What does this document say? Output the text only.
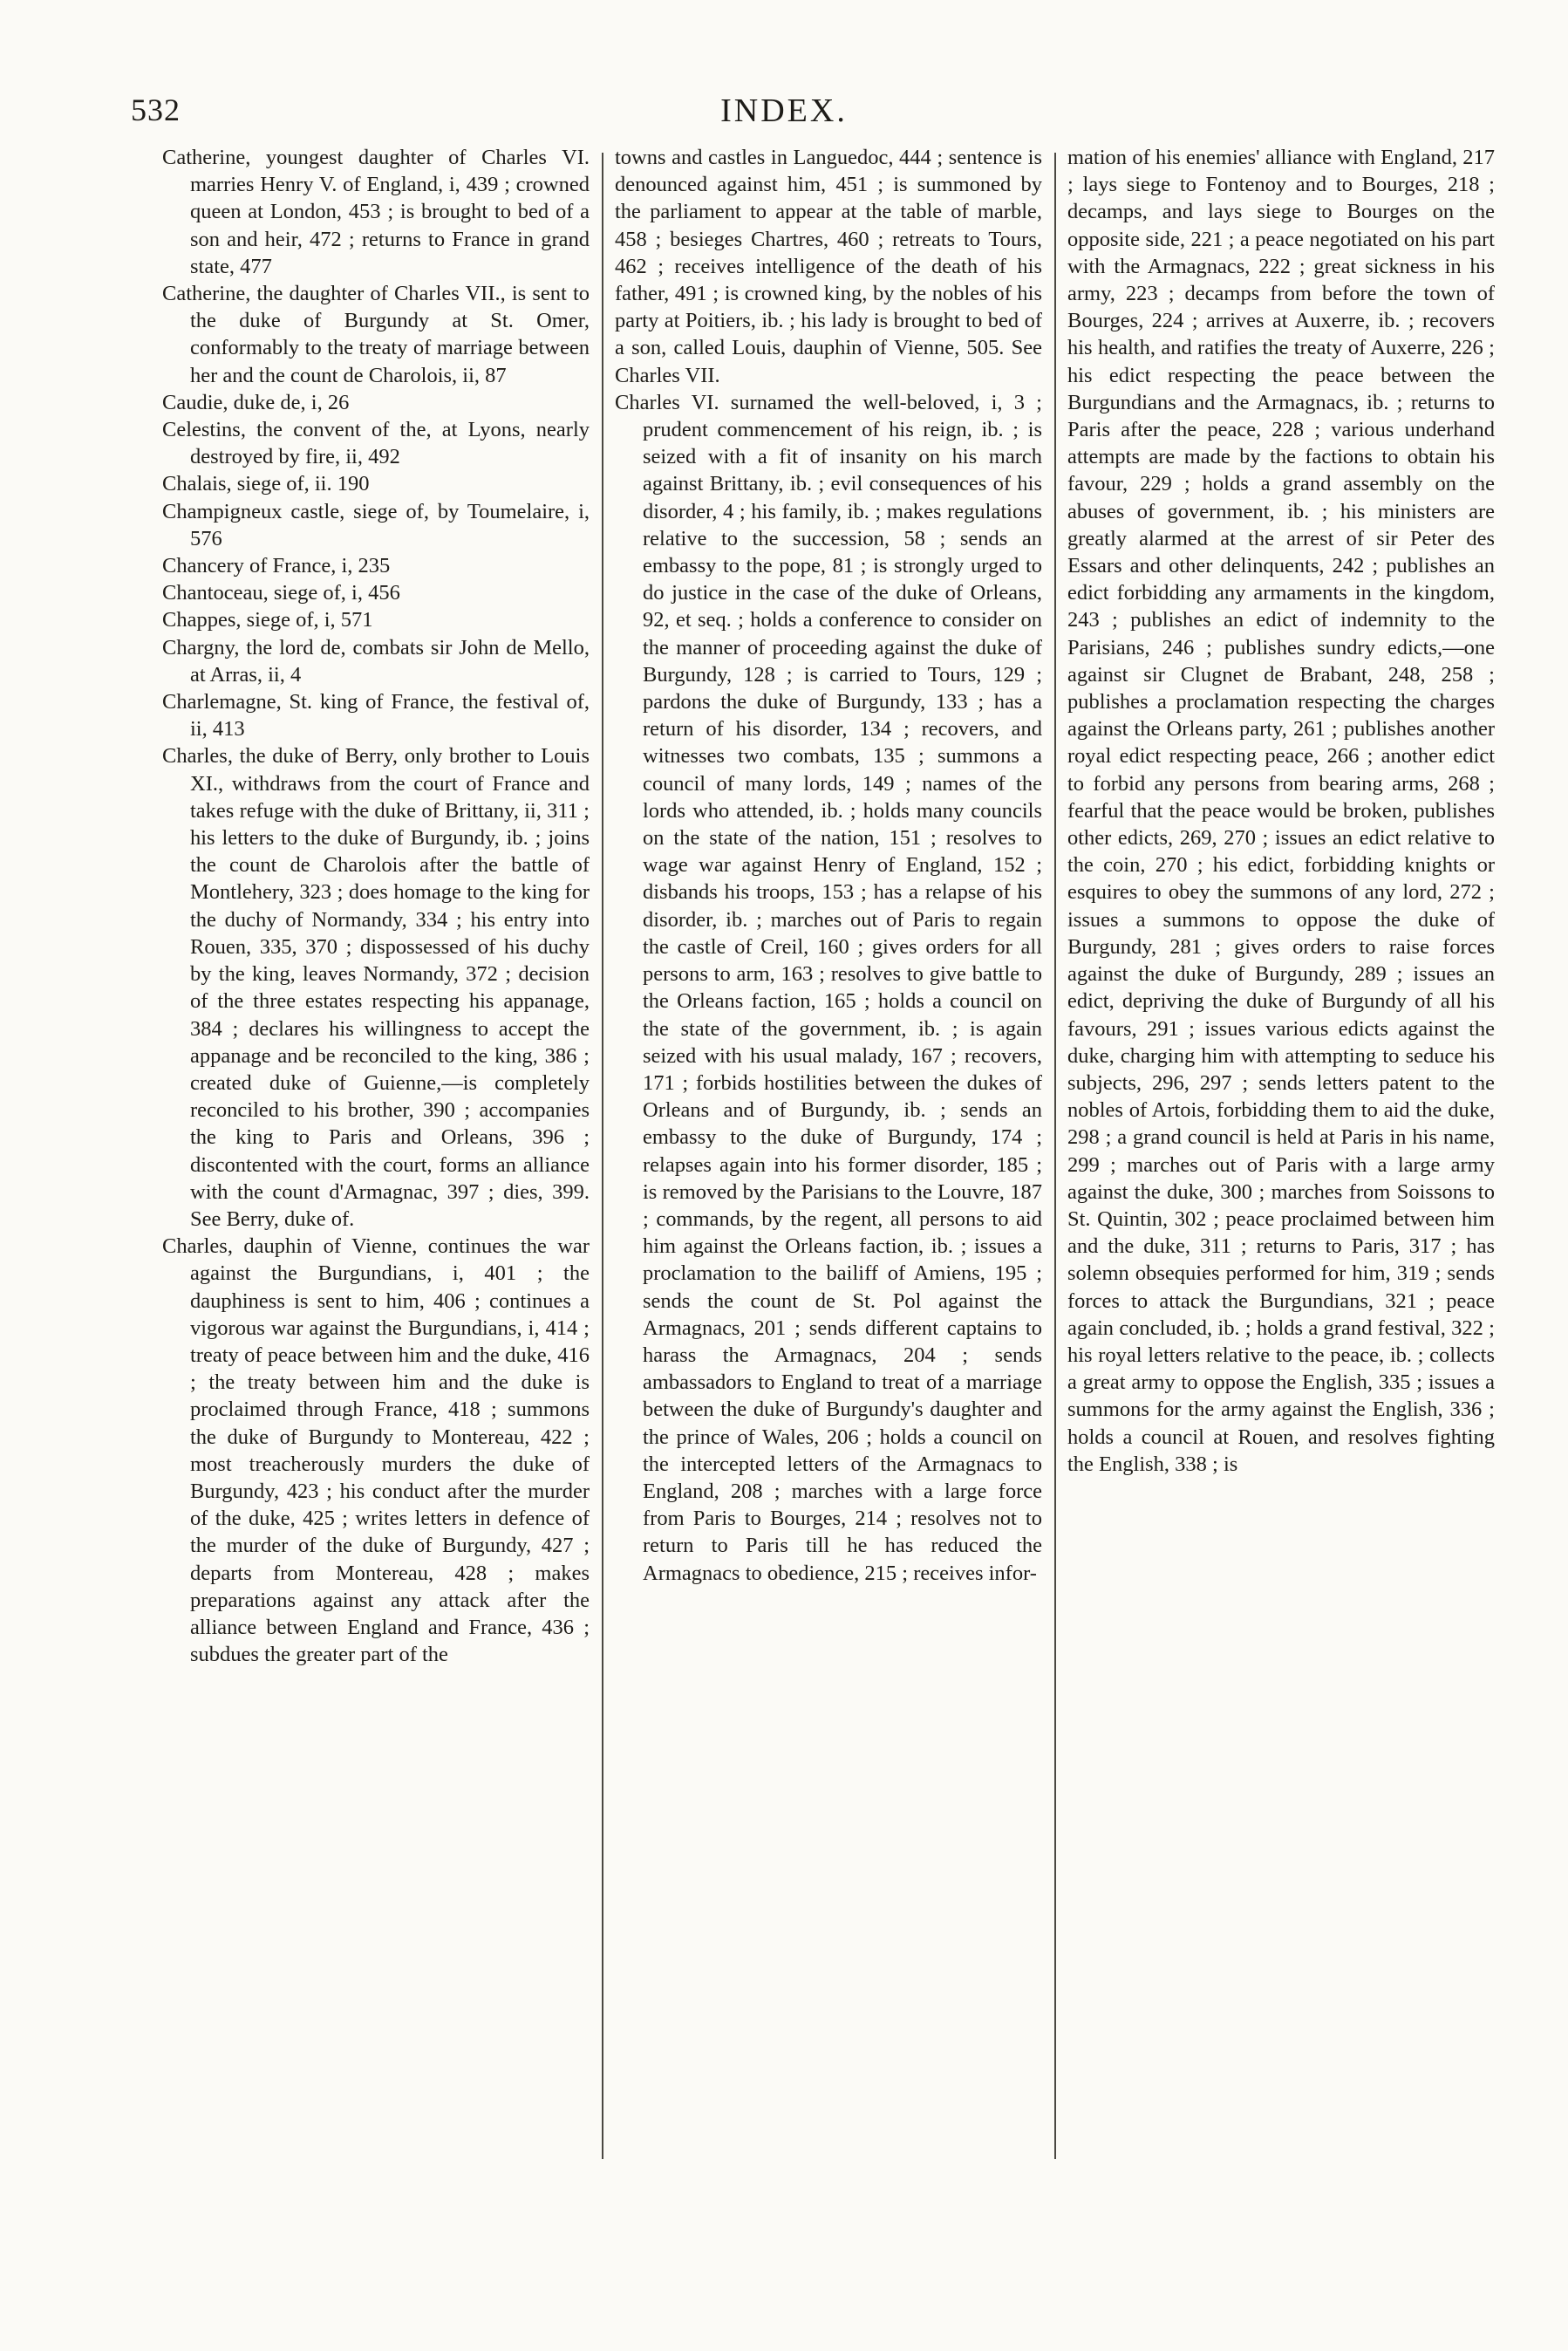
532	INDEX.

Catherine, youngest daughter of Charles VI. marries Henry V. of England, i, 439 ; crowned queen at London, 453 ; is brought to bed of a son and heir, 472 ; returns to France in grand state, 477

Catherine, the daughter of Charles VII., is sent to the duke of Burgundy at St. Omer, conformably to the treaty of marriage between her and the count de Charolois, ii, 87

Caudie, duke de, i, 26

Celestins, the convent of the, at Lyons, nearly destroyed by fire, ii, 492

Chalais, siege of, ii. 190

Champigneux castle, siege of, by Toumelaire, i, 576

Chancery of France, i, 235

Chantoceau, siege of, i, 456

Chappes, siege of, i, 571

Chargny, the lord de, combats sir John de Mello, at Arras, ii, 4

Charlemagne, St. king of France, the festival of, ii, 413

Charles, the duke of Berry, only brother to Louis XI., withdraws from the court of France and takes refuge with the duke of Brittany, ii, 311 ; his letters to the duke of Burgundy, ib. ; joins the count de Charolois after the battle of Montlehery, 323 ; does homage to the king for the duchy of Normandy, 334 ; his entry into Rouen, 335, 370 ; dispossessed of his duchy by the king, leaves Normandy, 372 ; decision of the three estates respecting his appanage, 384 ; declares his willingness to accept the appanage and be reconciled to the king, 386 ; created duke of Guienne,—is completely reconciled to his brother, 390 ; accompanies the king to Paris and Orleans, 396 ; discontented with the court, forms an alliance with the count d'Armagnac, 397 ; dies, 399. See Berry, duke of.

Charles, dauphin of Vienne, continues the war against the Burgundians, i, 401 ; the dauphiness is sent to him, 406 ; continues a vigorous war against the Burgundians, i, 414 ; treaty of peace between him and the duke, 416 ; the treaty between him and the duke is proclaimed through France, 418 ; summons the duke of Burgundy to Montereau, 422 ; most treacherously murders the duke of Burgundy, 423 ; his conduct after the murder of the duke, 425 ; writes letters in defence of the murder of the duke of Burgundy, 427 ; departs from Montereau, 428 ; makes preparations against any attack after the alliance between England and France, 436 ; subdues the greater part of the

towns and castles in Languedoc, 444 ; sentence is denounced against him, 451 ; is summoned by the parliament to appear at the table of marble, 458 ; besieges Chartres, 460 ; retreats to Tours, 462 ; receives intelligence of the death of his father, 491 ; is crowned king, by the nobles of his party at Poitiers, ib. ; his lady is brought to bed of a son, called Louis, dauphin of Vienne, 505. See Charles VII.

Charles VI. surnamed the well-beloved, i, 3 ; prudent commencement of his reign, ib. ; is seized with a fit of insanity on his march against Brittany, ib. ; evil consequences of his disorder, 4 ; his family, ib. ; makes regulations relative to the succession, 58 ; sends an embassy to the pope, 81 ; is strongly urged to do justice in the case of the duke of Orleans, 92, et seq. ; holds a conference to consider on the manner of proceeding against the duke of Burgundy, 128 ; is carried to Tours, 129 ; pardons the duke of Burgundy, 133 ; has a return of his disorder, 134 ; recovers, and witnesses two combats, 135 ; summons a council of many lords, 149 ; names of the lords who attended, ib. ; holds many councils on the state of the nation, 151 ; resolves to wage war against Henry of England, 152 ; disbands his troops, 153 ; has a relapse of his disorder, ib. ; marches out of Paris to regain the castle of Creil, 160 ; gives orders for all persons to arm, 163 ; resolves to give battle to the Orleans faction, 165 ; holds a council on the state of the government, ib. ; is again seized with his usual malady, 167 ; recovers, 171 ; forbids hostilities between the dukes of Orleans and of Burgundy, ib. ; sends an embassy to the duke of Burgundy, 174 ; relapses again into his former disorder, 185 ; is removed by the Parisians to the Louvre, 187 ; commands, by the regent, all persons to aid him against the Orleans faction, ib. ; issues a proclamation to the bailiff of Amiens, 195 ; sends the count de St. Pol against the Armagnacs, 201 ; sends different captains to harass the Armagnacs, 204 ; sends ambassadors to England to treat of a marriage between the duke of Burgundy's daughter and the prince of Wales, 206 ; holds a council on the intercepted letters of the Armagnacs to England, 208 ; marches with a large force from Paris to Bourges, 214 ; resolves not to return to Paris till he has reduced the Armagnacs to obedience, 215 ; receives infor-

mation of his enemies' alliance with England, 217 ; lays siege to Fontenoy and to Bourges, 218 ; decamps, and lays siege to Bourges on the opposite side, 221 ; a peace negotiated on his part with the Armagnacs, 222 ; great sickness in his army, 223 ; decamps from before the town of Bourges, 224 ; arrives at Auxerre, ib. ; recovers his health, and ratifies the treaty of Auxerre, 226 ; his edict respecting the peace between the Burgundians and the Armagnacs, ib. ; returns to Paris after the peace, 228 ; various underhand attempts are made by the factions to obtain his favour, 229 ; holds a grand assembly on the abuses of government, ib. ; his ministers are greatly alarmed at the arrest of sir Peter des Essars and other delinquents, 242 ; publishes an edict forbidding any armaments in the kingdom, 243 ; publishes an edict of indemnity to the Parisians, 246 ; publishes sundry edicts,—one against sir Clugnet de Brabant, 248, 258 ; publishes a proclamation respecting the charges against the Orleans party, 261 ; publishes another royal edict respecting peace, 266 ; another edict to forbid any persons from bearing arms, 268 ; fearful that the peace would be broken, publishes other edicts, 269, 270 ; issues an edict relative to the coin, 270 ; his edict, forbidding knights or esquires to obey the summons of any lord, 272 ; issues a summons to oppose the duke of Burgundy, 281 ; gives orders to raise forces against the duke of Burgundy, 289 ; issues an edict, depriving the duke of Burgundy of all his favours, 291 ; issues various edicts against the duke, charging him with attempting to seduce his subjects, 296, 297 ; sends letters patent to the nobles of Artois, forbidding them to aid the duke, 298 ; a grand council is held at Paris in his name, 299 ; marches out of Paris with a large army against the duke, 300 ; marches from Soissons to St. Quintin, 302 ; peace proclaimed between him and the duke, 311 ; returns to Paris, 317 ; has solemn obsequies performed for him, 319 ; sends forces to attack the Burgundians, 321 ; peace again concluded, ib. ; holds a grand festival, 322 ; his royal letters relative to the peace, ib. ; collects a great army to oppose the English, 335 ; issues a summons for the army against the English, 336 ; holds a council at Rouen, and resolves fighting the English, 338 ; is
